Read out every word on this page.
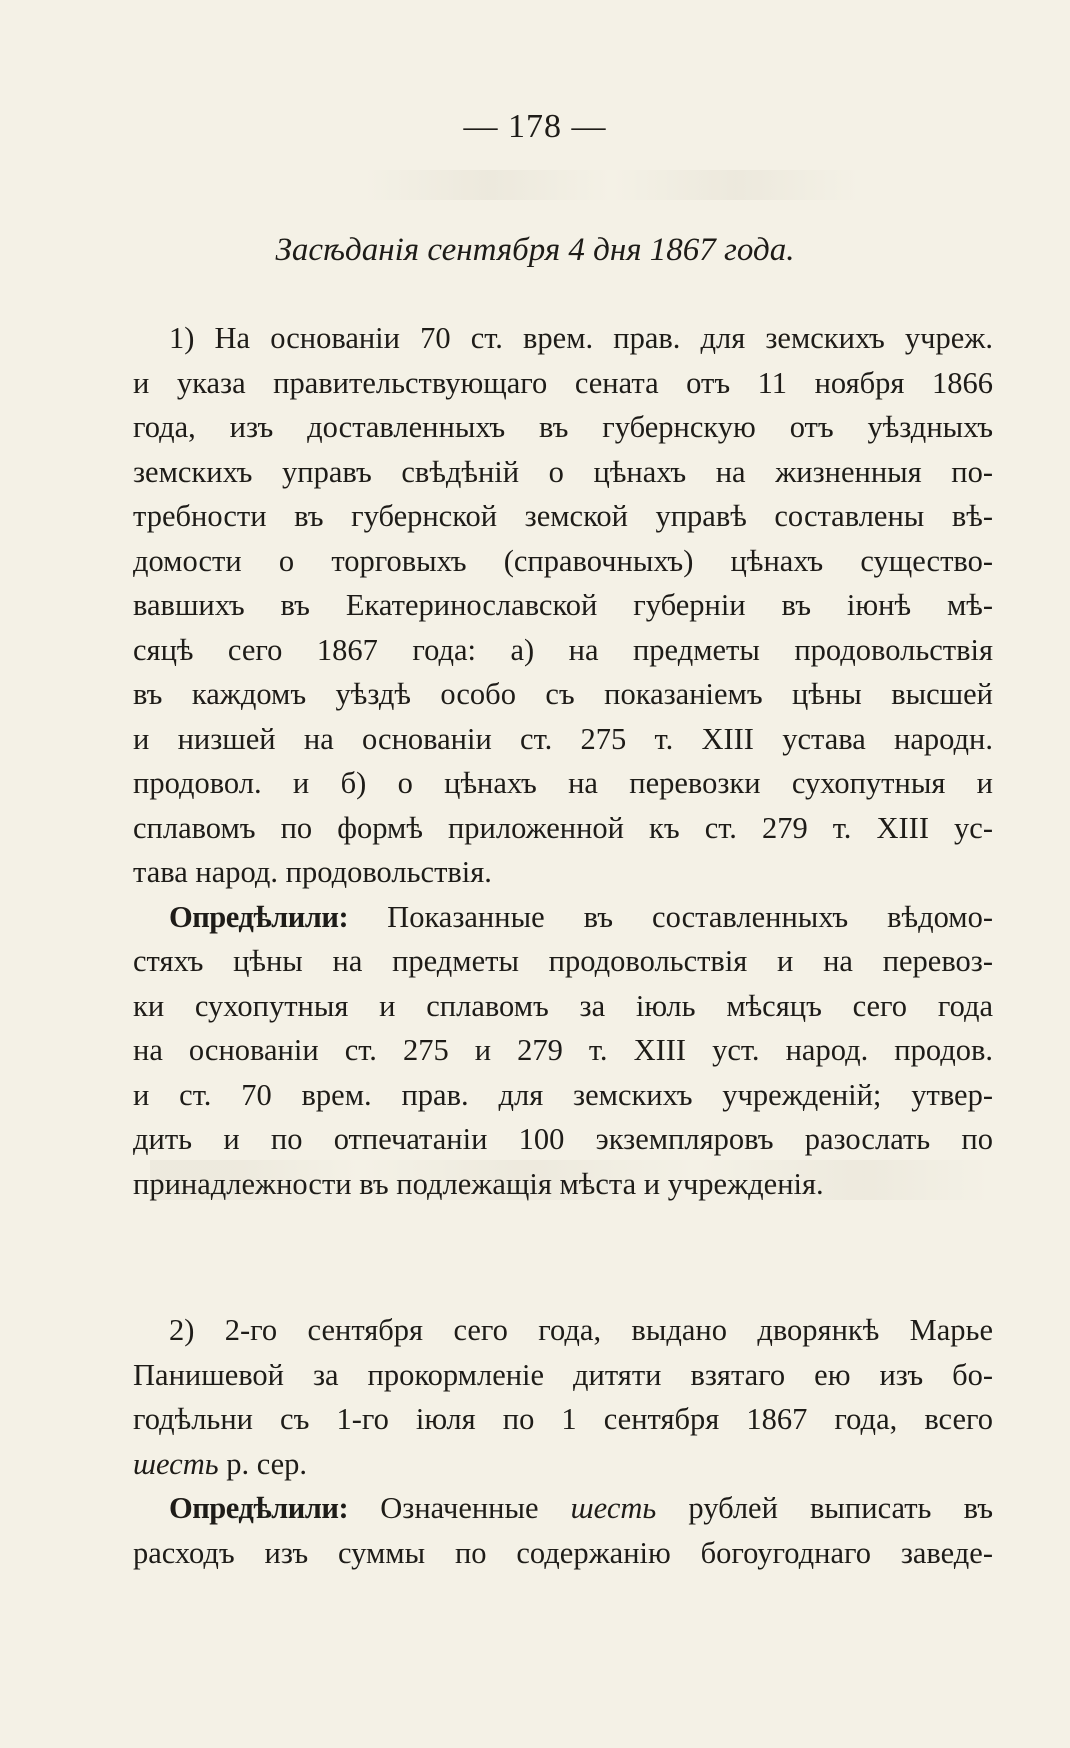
— 178 —
Засѣданія сентября 4 дня 1867 года.
1) На основаніи 70 ст. врем. прав. для земскихъ учреж.
и указа правительствующаго сената отъ 11 ноября 1866
года, изъ доставленныхъ въ губернскую отъ уѣздныхъ
земскихъ управъ свѣдѣній о цѣнахъ на жизненныя по-
требности въ губернской земской управѣ составлены вѣ-
домости о торговыхъ (справочныхъ) цѣнахъ существо-
вавшихъ въ Екатеринославской губерніи въ іюнѣ мѣ-
сяцѣ сего 1867 года: а) на предметы продовольствія
въ каждомъ уѣздѣ особо съ показаніемъ цѣны высшей
и низшей на основаніи ст. 275 т. XIII устава народн.
продовол. и б) о цѣнахъ на перевозки сухопутныя и
сплавомъ по формѣ приложенной къ ст. 279 т. XIII ус-
тава народ. продовольствія.
Опредѣлили: Показанные въ составленныхъ вѣдомо-
стяхъ цѣны на предметы продовольствія и на перевоз-
ки сухопутныя и сплавомъ за іюль мѣсяцъ сего года
на основаніи ст. 275 и 279 т. XIII уст. народ. продов.
и ст. 70 врем. прав. для земскихъ учрежденій; утвер-
дить и по отпечатаніи 100 экземпляровъ разослать по
принадлежности въ подлежащія мѣста и учрежденія.
2) 2-го сентября сего года, выдано дворянкѣ Марье
Панишевой за прокормленіе дитяти взятаго ею изъ бо-
годѣльни съ 1-го іюля по 1 сентября 1867 года, всего
шесть р. сер.
Опредѣлили: Означенные шесть рублей выписать въ
расходъ изъ суммы по содержанію богоугоднаго заведе-
